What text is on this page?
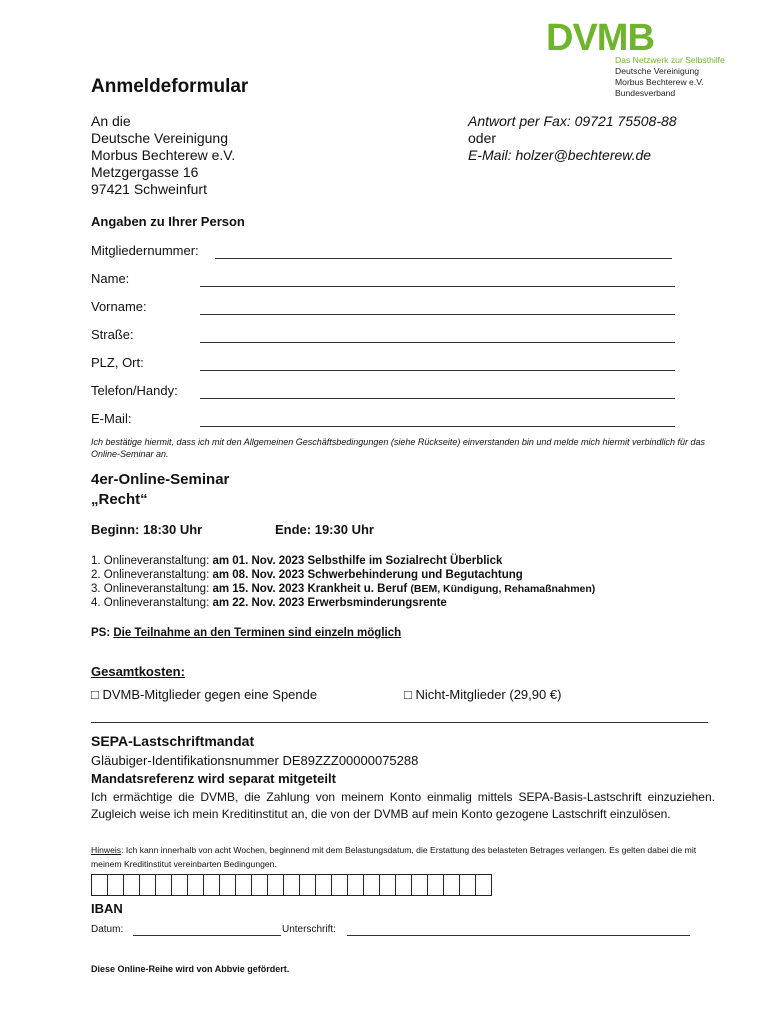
DVMB
Das Netzwerk zur Selbsthilfe
Deutsche Vereinigung
Morbus Bechterew e.V.
Bundesverband
Anmeldeformular
An die
Deutsche Vereinigung
Morbus Bechterew e.V.
Metzgergasse 16
97421 Schweinfurt
Antwort per Fax: 09721 75508-88
oder
E-Mail: holzer@bechterew.de
Angaben zu Ihrer Person
Mitgliedernummer:
Name:
Vorname:
Straße:
PLZ, Ort:
Telefon/Handy:
E-Mail:
Ich bestätige hiermit, dass ich mit den Allgemeinen Geschäftsbedingungen (siehe Rückseite) einverstanden bin und melde mich hiermit verbindlich für das Online-Seminar an.
4er-Online-Seminar
„Recht“
Beginn: 18:30 Uhr	Ende: 19:30 Uhr
1. Onlineveranstaltung: am 01. Nov. 2023 Selbsthilfe im Sozialrecht Überblick
2. Onlineveranstaltung: am 08. Nov. 2023 Schwerbehinderung und Begutachtung
3. Onlineveranstaltung: am 15. Nov. 2023 Krankheit u. Beruf (BEM, Kündigung, Rehamaßnahmen)
4. Onlineveranstaltung: am 22. Nov. 2023 Erwerbsminderungsrente
PS: Die Teilnahme an den Terminen sind einzeln möglich
Gesamtkosten:
□ DVMB-Mitglieder gegen eine Spende	□ Nicht-Mitglieder (29,90 €)
SEPA-Lastschriftmandat
Gläubiger-Identifikationsnummer DE89ZZZ00000075288
Mandatsreferenz wird separat mitgeteilt
Ich ermächtige die DVMB, die Zahlung von meinem Konto einmalig mittels SEPA-Basis-Lastschrift einzuziehen. Zugleich weise ich mein Kreditinstitut an, die von der DVMB auf mein Konto gezogene Lastschrift einzulösen.
Hinweis: Ich kann innerhalb von acht Wochen, beginnend mit dem Belastungsdatum, die Erstattung des belasteten Betrages verlangen. Es gelten dabei die mit meinem Kreditinstitut vereinbarten Bedingungen.
IBAN
Datum:	Unterschrift:
Diese Online-Reihe wird von Abbvie gefördert.
